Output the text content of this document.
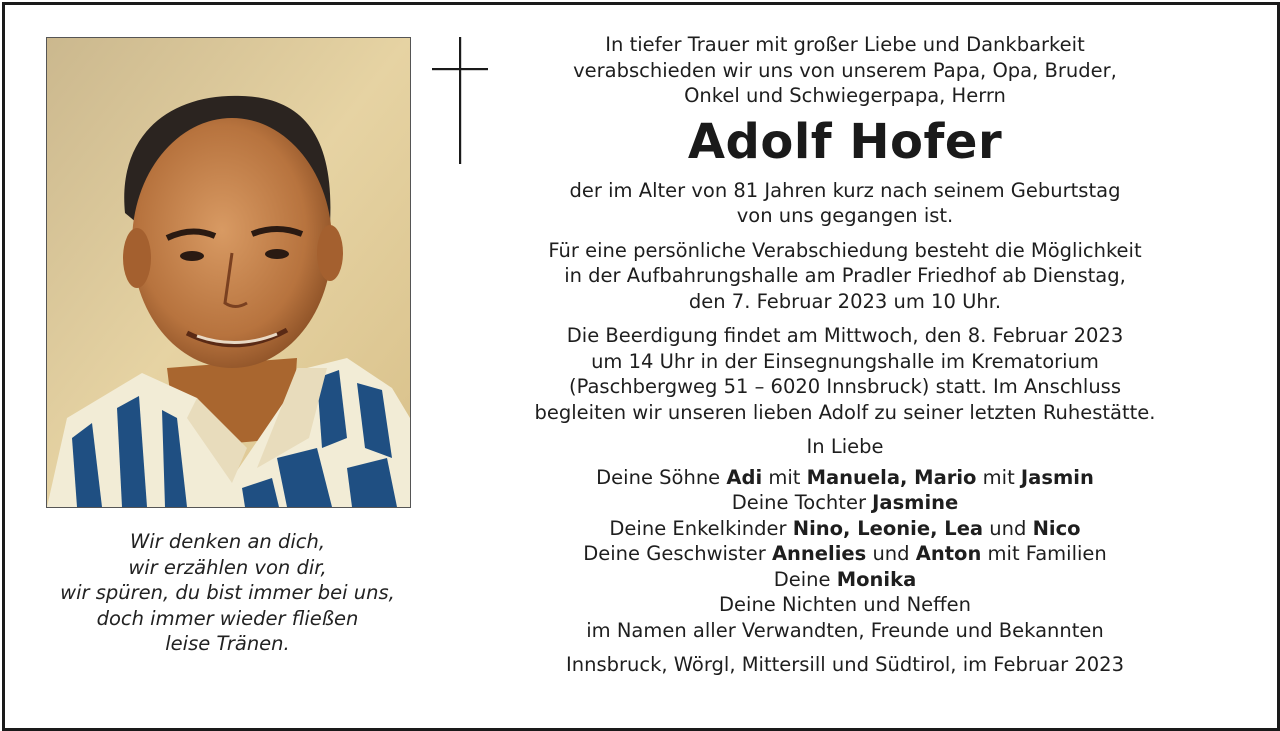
Wir denken an dich,
wir erzählen von dir,
wir spüren, du bist immer bei uns,
doch immer wieder fließen
leise Tränen.
In tiefer Trauer mit großer Liebe und Dankbarkeit
verabschieden wir uns von unserem Papa, Opa, Bruder,
Onkel und Schwiegerpapa, Herrn
Adolf Hofer
der im Alter von 81 Jahren kurz nach seinem Geburtstag
von uns gegangen ist.
Für eine persönliche Verabschiedung besteht die Möglichkeit
in der Aufbahrungshalle am Pradler Friedhof ab Dienstag,
den 7. Februar 2023 um 10 Uhr.
Die Beerdigung findet am Mittwoch, den 8. Februar 2023
um 14 Uhr in der Einsegnungshalle im Krematorium
(Paschbergweg 51 – 6020 Innsbruck) statt. Im Anschluss
begleiten wir unseren lieben Adolf zu seiner letzten Ruhestätte.
In Liebe
Deine Söhne Adi mit Manuela, Mario mit Jasmin
Deine Tochter Jasmine
Deine Enkelkinder Nino, Leonie, Lea und Nico
Deine Geschwister Annelies und Anton mit Familien
Deine Monika
Deine Nichten und Neffen
im Namen aller Verwandten, Freunde und Bekannten
Innsbruck, Wörgl, Mittersill und Südtirol, im Februar 2023
